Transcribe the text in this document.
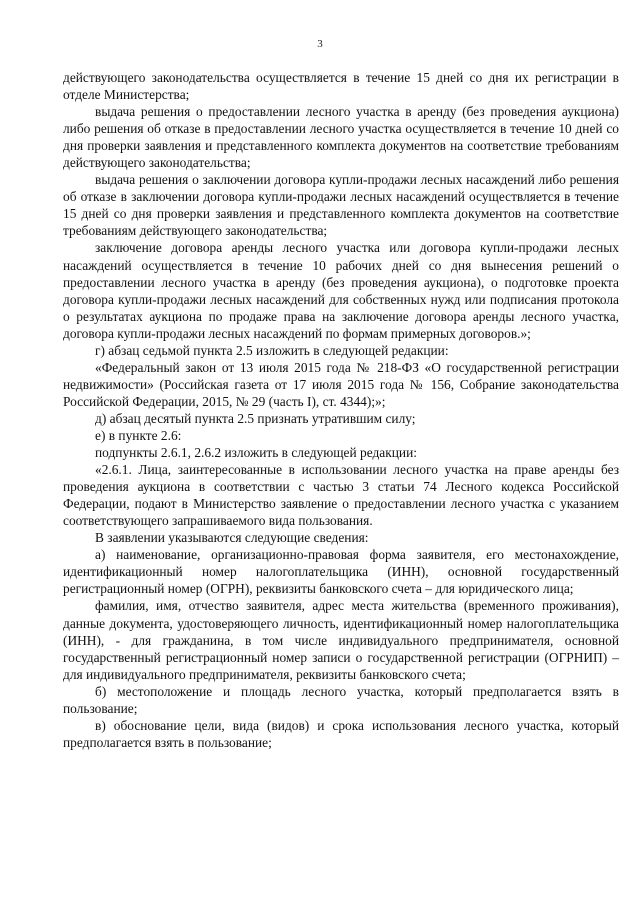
3

действующего законодательства осуществляется в течение 15 дней со дня их регистрации в отделе Министерства;

выдача решения о предоставлении лесного участка в аренду (без проведения аукциона) либо решения об отказе в предоставлении лесного участка осуществляется в течение 10 дней со дня проверки заявления и представленного комплекта документов на соответствие требованиям действующего законодательства;

выдача решения о заключении договора купли-продажи лесных насаждений либо решения об отказе в заключении договора купли-продажи лесных насаждений осуществляется в течение 15 дней со дня проверки заявления и представленного комплекта документов на соответствие требованиям действующего законодательства;

заключение договора аренды лесного участка или договора купли-продажи лесных насаждений осуществляется в течение 10 рабочих дней со дня вынесения решений о предоставлении лесного участка в аренду (без проведения аукциона), о подготовке проекта договора купли-продажи лесных насаждений для собственных нужд или подписания протокола о результатах аукциона по продаже права на заключение договора аренды лесного участка, договора купли-продажи лесных насаждений по формам примерных договоров.»;

г) абзац седьмой пункта 2.5 изложить в следующей редакции:

«Федеральный закон от 13 июля 2015 года № 218-ФЗ «О государственной регистрации недвижимости» (Российская газета от 17 июля 2015 года № 156, Собрание законодательства Российской Федерации, 2015, № 29 (часть I), ст. 4344);»;

д) абзац десятый пункта 2.5 признать утратившим силу;

е) в пункте 2.6:

подпункты 2.6.1, 2.6.2 изложить в следующей редакции:

«2.6.1. Лица, заинтересованные в использовании лесного участка на праве аренды без проведения аукциона в соответствии с частью 3 статьи 74 Лесного кодекса Российской Федерации, подают в Министерство заявление о предоставлении лесного участка с указанием соответствующего запрашиваемого вида пользования.

В заявлении указываются следующие сведения:

а) наименование, организационно-правовая форма заявителя, его местонахождение, идентификационный номер налогоплательщика (ИНН), основной государственный регистрационный номер (ОГРН), реквизиты банковского счета – для юридического лица;

фамилия, имя, отчество заявителя, адрес места жительства (временного проживания), данные документа, удостоверяющего личность, идентификационный номер налогоплательщика (ИНН), - для гражданина, в том числе индивидуального предпринимателя, основной государственный регистрационный номер записи о государственной регистрации (ОГРНИП) – для индивидуального предпринимателя, реквизиты банковского счета;

б) местоположение и площадь лесного участка, который предполагается взять в пользование;

в) обоснование цели, вида (видов) и срока использования лесного участка, который предполагается взять в пользование;
